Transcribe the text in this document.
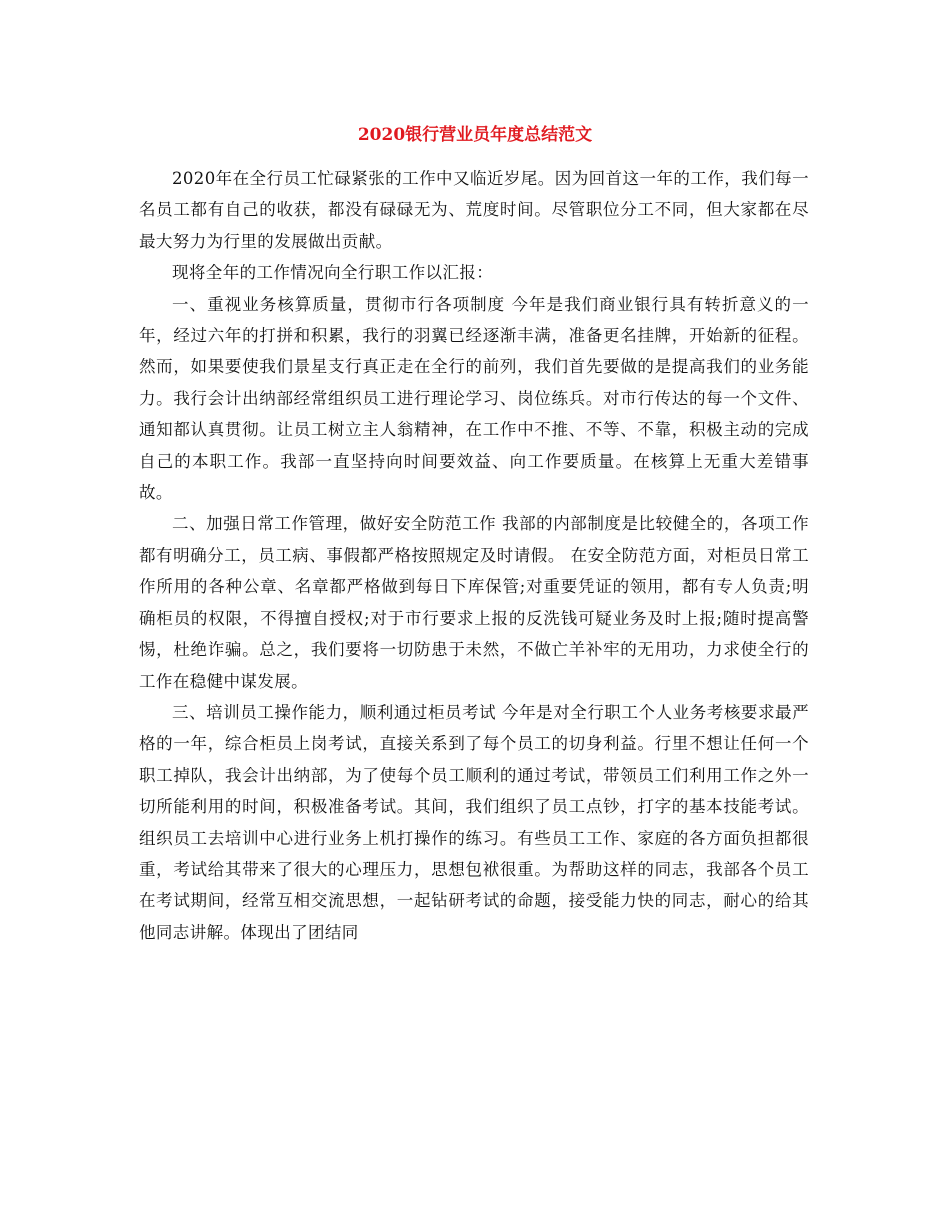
2020银行营业员年度总结范文

2020年在全行员工忙碌紧张的工作中又临近岁尾。因为回首这一年的工作，我们每一名员工都有自己的收获，都没有碌碌无为、荒度时间。尽管职位分工不同，但大家都在尽最大努力为行里的发展做出贡献。

现将全年的工作情况向全行职工作以汇报：

一、重视业务核算质量，贯彻市行各项制度 今年是我们商业银行具有转折意义的一年，经过六年的打拼和积累，我行的羽翼已经逐渐丰满，准备更名挂牌，开始新的征程。然而，如果要使我们景星支行真正走在全行的前列，我们首先要做的是提高我们的业务能力。我行会计出纳部经常组织员工进行理论学习、岗位练兵。对市行传达的每一个文件、通知都认真贯彻。让员工树立主人翁精神，在工作中不推、不等、不靠，积极主动的完成自己的本职工作。我部一直坚持向时间要效益、向工作要质量。在核算上无重大差错事故。

二、加强日常工作管理，做好安全防范工作 我部的内部制度是比较健全的，各项工作都有明确分工，员工病、事假都严格按照规定及时请假。 在安全防范方面，对柜员日常工作所用的各种公章、名章都严格做到每日下库保管;对重要凭证的领用，都有专人负责;明确柜员的权限，不得擅自授权;对于市行要求上报的反洗钱可疑业务及时上报;随时提高警惕，杜绝诈骗。总之，我们要将一切防患于未然，不做亡羊补牢的无用功，力求使全行的工作在稳健中谋发展。

三、培训员工操作能力，顺利通过柜员考试 今年是对全行职工个人业务考核要求最严格的一年，综合柜员上岗考试，直接关系到了每个员工的切身利益。行里不想让任何一个职工掉队，我会计出纳部，为了使每个员工顺利的通过考试，带领员工们利用工作之外一切所能利用的时间，积极准备考试。其间，我们组织了员工点钞，打字的基本技能考试。组织员工去培训中心进行业务上机打操作的练习。有些员工工作、家庭的各方面负担都很重，考试给其带来了很大的心理压力，思想包袱很重。为帮助这样的同志，我部各个员工在考试期间，经常互相交流思想，一起钻研考试的命题，接受能力快的同志，耐心的给其他同志讲解。体现出了团结同
